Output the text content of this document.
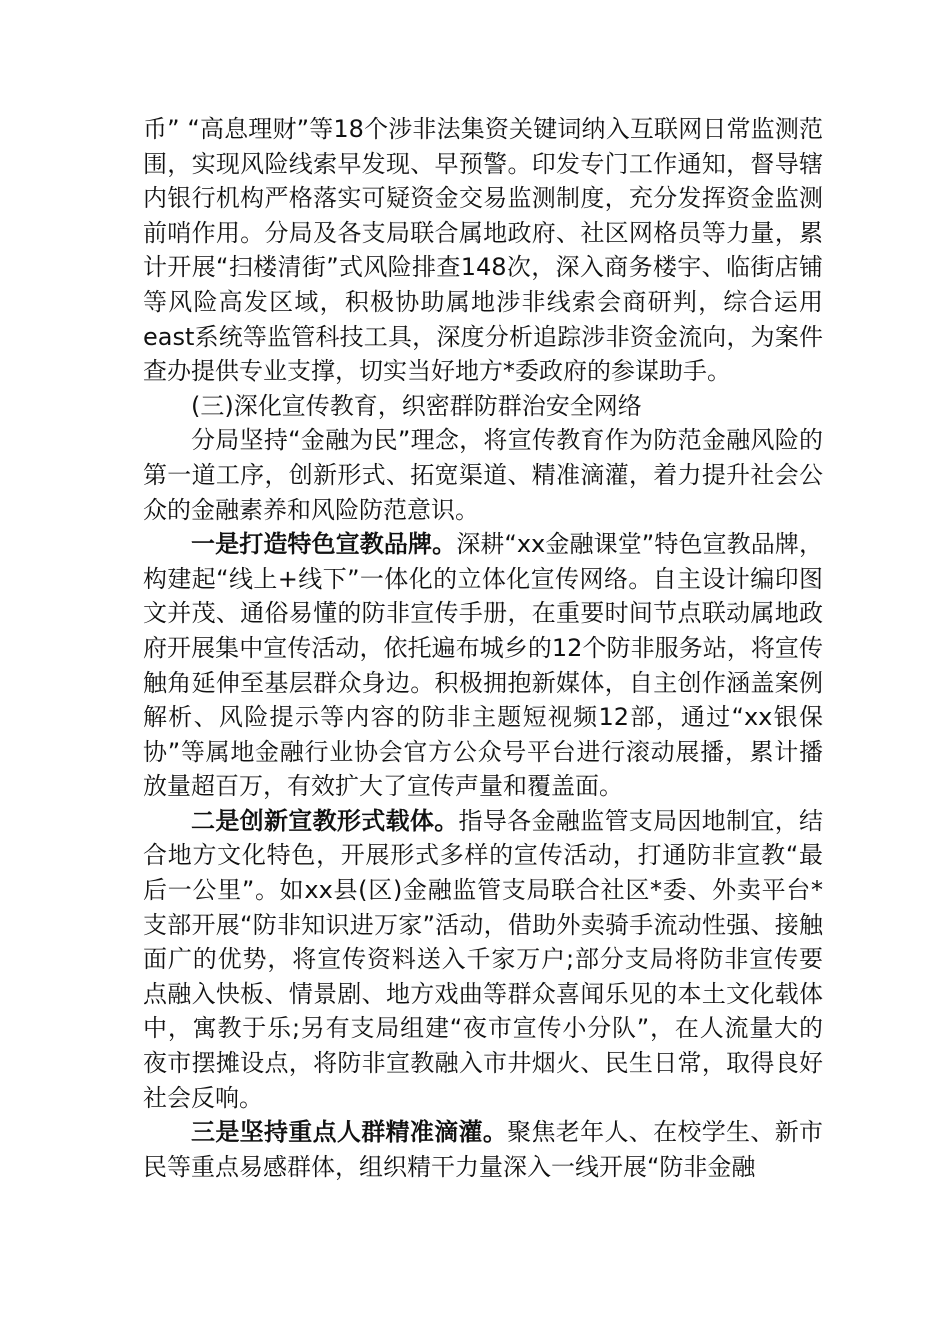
币” “高息理财”等18个涉非法集资关键词纳入互联网日常监测范围，实现风险线索早发现、早预警。印发专门工作通知，督导辖内银行机构严格落实可疑资金交易监测制度，充分发挥资金监测前哨作用。分局及各支局联合属地政府、社区网格员等力量，累计开展“扫楼清街”式风险排查148次，深入商务楼宇、临街店铺等风险高发区域，积极协助属地涉非线索会商研判，综合运用east系统等监管科技工具，深度分析追踪涉非资金流向，为案件查办提供专业支撑，切实当好地方*委政府的参谋助手。

(三)深化宣传教育，织密群防群治安全网络

分局坚持“金融为民”理念，将宣传教育作为防范金融风险的第一道工序，创新形式、拓宽渠道、精准滴灌，着力提升社会公众的金融素养和风险防范意识。

一是打造特色宣教品牌。深耕“xx金融课堂”特色宣教品牌，构建起“线上+线下”一体化的立体化宣传网络。自主设计编印图文并茂、通俗易懂的防非宣传手册，在重要时间节点联动属地政府开展集中宣传活动，依托遍布城乡的12个防非服务站，将宣传触角延伸至基层群众身边。积极拥抱新媒体，自主创作涵盖案例解析、风险提示等内容的防非主题短视频12部，通过“xx银保协”等属地金融行业协会官方公众号平台进行滚动展播，累计播放量超百万，有效扩大了宣传声量和覆盖面。

二是创新宣教形式载体。指导各金融监管支局因地制宜，结合地方文化特色，开展形式多样的宣传活动，打通防非宣教“最后一公里”。如xx县(区)金融监管支局联合社区*委、外卖平台*支部开展“防非知识进万家”活动，借助外卖骑手流动性强、接触面广的优势，将宣传资料送入千家万户;部分支局将防非宣传要点融入快板、情景剧、地方戏曲等群众喜闻乐见的本土文化载体中，寓教于乐;另有支局组建“夜市宣传小分队”，在人流量大的夜市摆摊设点，将防非宣教融入市井烟火、民生日常，取得良好社会反响。

三是坚持重点人群精准滴灌。聚焦老年人、在校学生、新市民等重点易感群体，组织精干力量深入一线开展“防非金融
